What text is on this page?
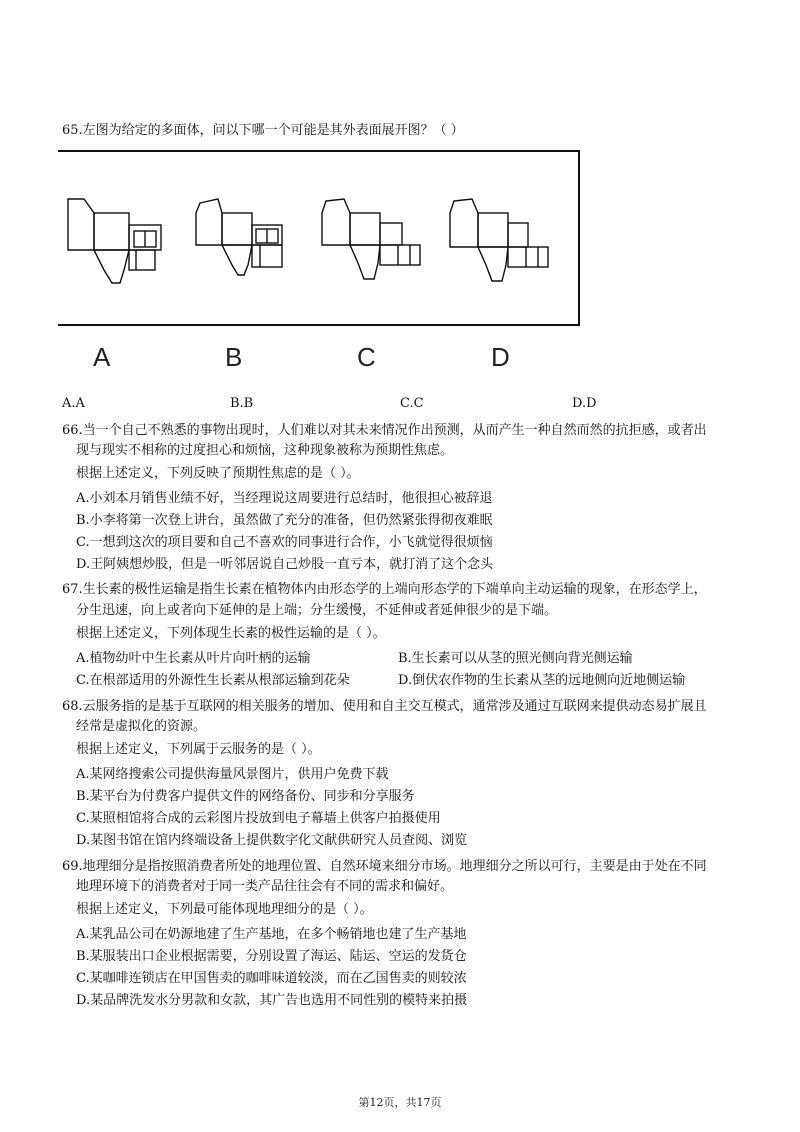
65.左图为给定的多面体，问以下哪一个可能是其外表面展开图？（ ）
A	B	C	D
A.A	B.B	C.C	D.D
66.当一个自己不熟悉的事物出现时，人们难以对其未来情况作出预测，从而产生一种自然而然的抗拒感，或者出
现与现实不相称的过度担心和烦恼，这种现象被称为预期性焦虑。
根据上述定义，下列反映了预期性焦虑的是（ ）。
A.小刘本月销售业绩不好，当经理说这周要进行总结时，他很担心被辞退
B.小李将第一次登上讲台，虽然做了充分的准备，但仍然紧张得彻夜难眠
C.一想到这次的项目要和自己不喜欢的同事进行合作，小飞就觉得很烦恼
D.王阿姨想炒股，但是一听邻居说自己炒股一直亏本，就打消了这个念头
67.生长素的极性运输是指生长素在植物体内由形态学的上端向形态学的下端单向主动运输的现象，在形态学上，
分生迅速，向上或者向下延伸的是上端；分生缓慢，不延伸或者延伸很少的是下端。
根据上述定义，下列体现生长素的极性运输的是（ ）。
A.植物幼叶中生长素从叶片向叶柄的运输	B.生长素可以从茎的照光侧向背光侧运输
C.在根部适用的外源性生长素从根部运输到花朵	D.倒伏农作物的生长素从茎的远地侧向近地侧运输
68.云服务指的是基于互联网的相关服务的增加、使用和自主交互模式，通常涉及通过互联网来提供动态易扩展且
经常是虚拟化的资源。
根据上述定义，下列属于云服务的是（ ）。
A.某网络搜索公司提供海量风景图片，供用户免费下载
B.某平台为付费客户提供文件的网络备份、同步和分享服务
C.某照相馆将合成的云彩图片投放到电子幕墙上供客户拍摄使用
D.某图书馆在馆内终端设备上提供数字化文献供研究人员查阅、浏览
69.地理细分是指按照消费者所处的地理位置、自然环境来细分市场。地理细分之所以可行，主要是由于处在不同
地理环境下的消费者对于同一类产品往往会有不同的需求和偏好。
根据上述定义，下列最可能体现地理细分的是（ ）。
A.某乳品公司在奶源地建了生产基地，在多个畅销地也建了生产基地
B.某服装出口企业根据需要，分别设置了海运、陆运、空运的发货仓
C.某咖啡连锁店在甲国售卖的咖啡味道较淡，而在乙国售卖的则较浓
D.某品牌洗发水分男款和女款，其广告也选用不同性别的模特来拍摄
第12页，共17页
